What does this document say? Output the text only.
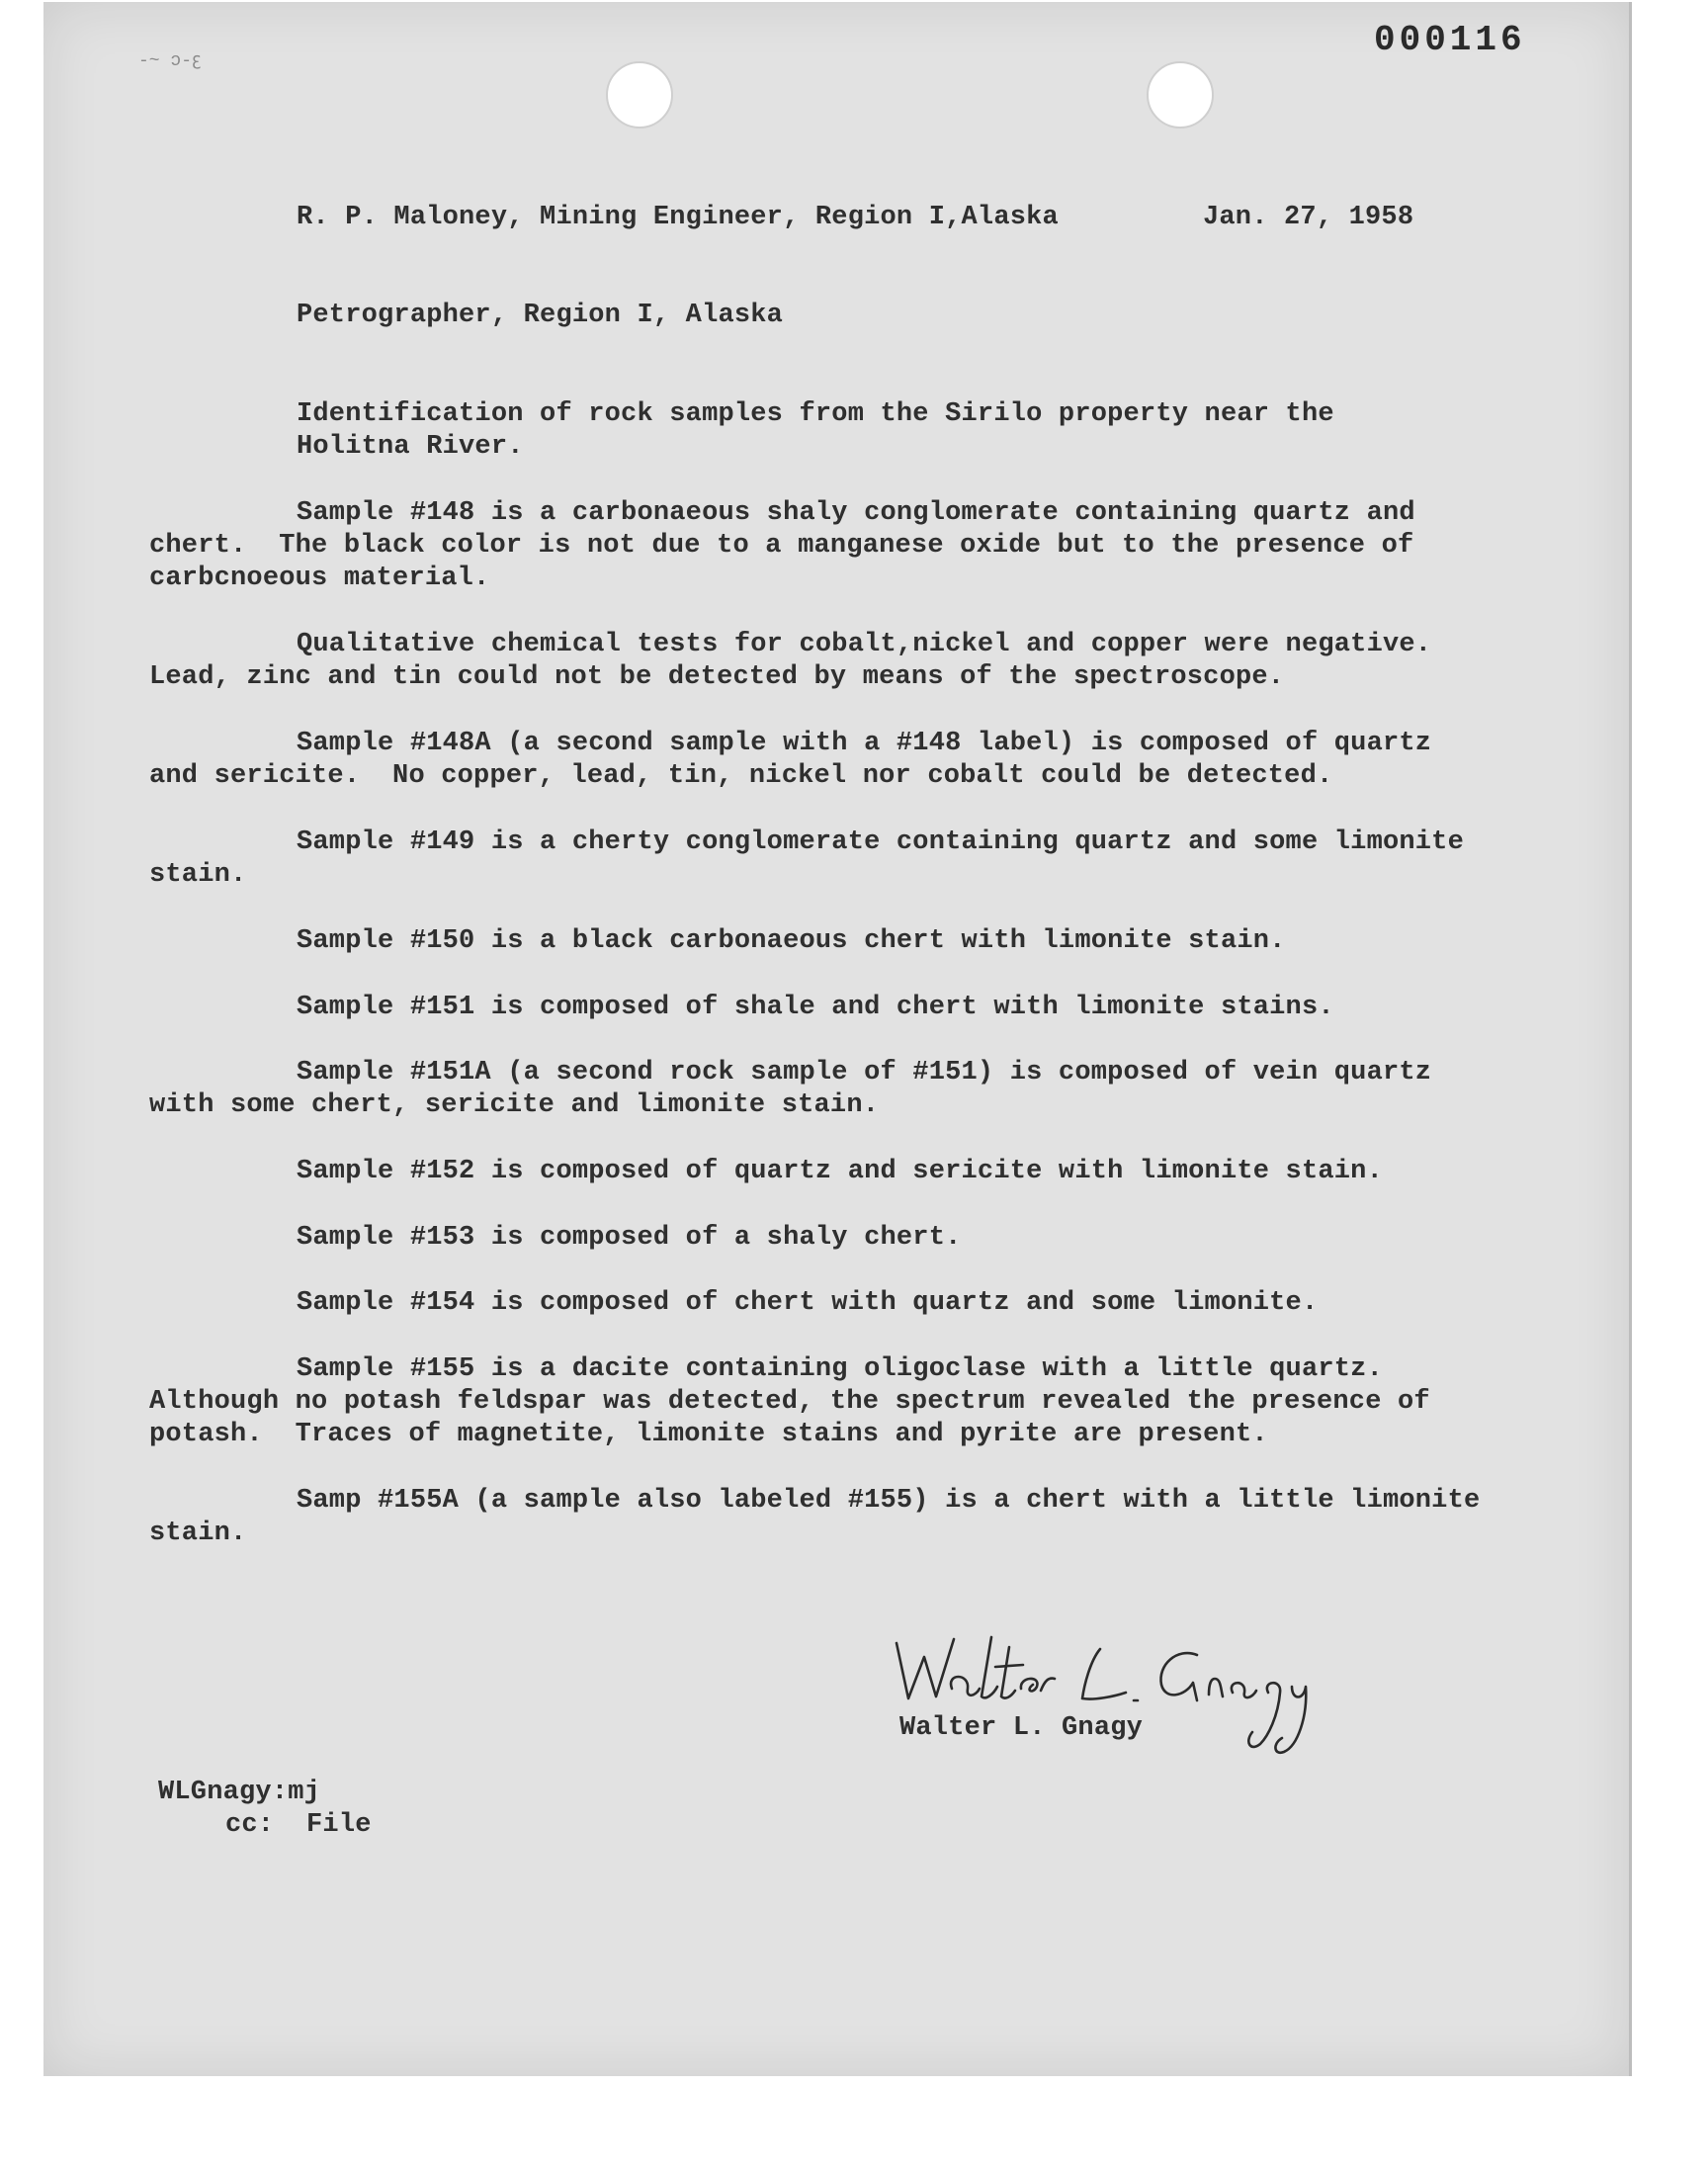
-~ ɔ-ꜫ
000116

R. P. Maloney, Mining Engineer, Region I,Alaska	Jan. 27, 1958

Petrographer, Region I, Alaska

Identification of rock samples from the Sirilo property near the

Holitna River.

Sample #148 is a carbonaeous shaly conglomerate containing quartz and

chert.  The black color is not due to a manganese oxide but to the presence of

carbcnoeous material.

Qualitative chemical tests for cobalt,nickel and copper were negative.

Lead, zinc and tin could not be detected by means of the spectroscope.

Sample #148A (a second sample with a #148 label) is composed of quartz

and sericite.  No copper, lead, tin, nickel nor cobalt could be detected.

Sample #149 is a cherty conglomerate containing quartz and some limonite

stain.

Sample #150 is a black carbonaeous chert with limonite stain.

Sample #151 is composed of shale and chert with limonite stains.

Sample #151A (a second rock sample of #151) is composed of vein quartz

with some chert, sericite and limonite stain.

Sample #152 is composed of quartz and sericite with limonite stain.

Sample #153 is composed of a shaly chert.

Sample #154 is composed of chert with quartz and some limonite.

Sample #155 is a dacite containing oligoclase with a little quartz.

Although no potash feldspar was detected, the spectrum revealed the presence of

potash.  Traces of magnetite, limonite stains and pyrite are present.

Samp #155A (a sample also labeled #155) is a chert with a little limonite

stain.

Walter L. Gnagy

Walter L. Gnagy

WLGnagy:mj

cc:  File
